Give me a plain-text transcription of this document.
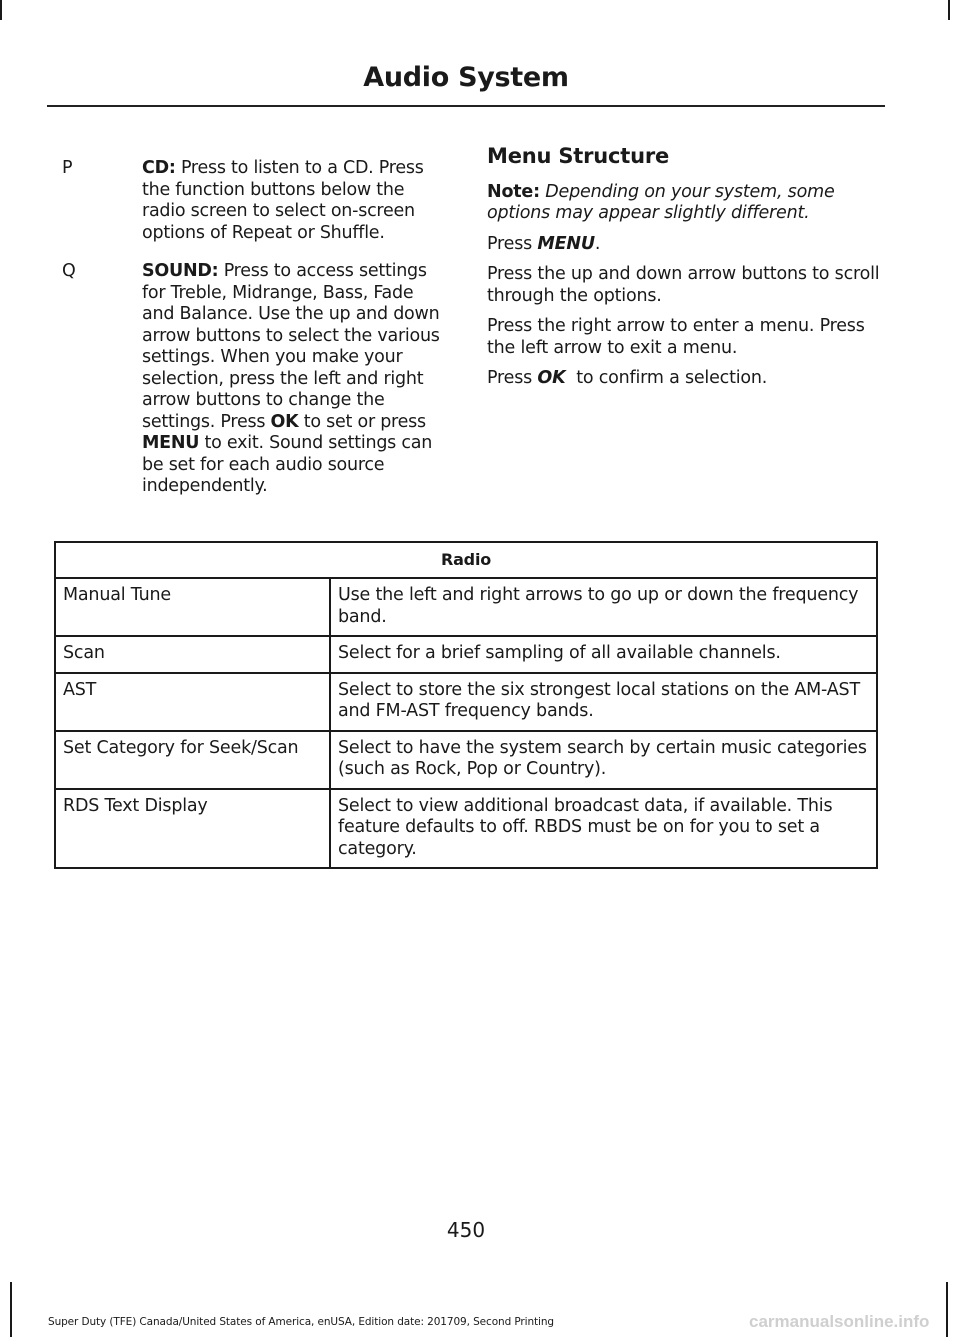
Audio System
P	CD: Press to listen to a CD. Press the function buttons below the radio screen to select on-screen options of Repeat or Shuffle.
Q	SOUND: Press to access settings for Treble, Midrange, Bass, Fade and Balance. Use the up and down arrow buttons to select the various settings. When you make your selection, press the left and right arrow buttons to change the settings. Press OK to set or press MENU to exit. Sound settings can be set for each audio source independently.
Menu Structure

Note: Depending on your system, some options may appear slightly different.

Press MENU.

Press the up and down arrow buttons to scroll through the options.

Press the right arrow to enter a menu. Press the left arrow to exit a menu.

Press OK  to confirm a selection.

Radio	
Manual Tune	Use the left and right arrows to go up or down the frequency band.
Scan	Select for a brief sampling of all available channels.
AST	Select to store the six strongest local stations on the AM-AST and FM-AST frequency bands.
Set Category for Seek/Scan	Select to have the system search by certain music categories (such as Rock, Pop or Country).
RDS Text Display	Select to view additional broadcast data, if available. This feature defaults to off. RBDS must be on for you to set a category.
450
Super Duty (TFE) Canada/United States of America, enUSA, Edition date: 201709, Second Printing	carmanualsonline.info
